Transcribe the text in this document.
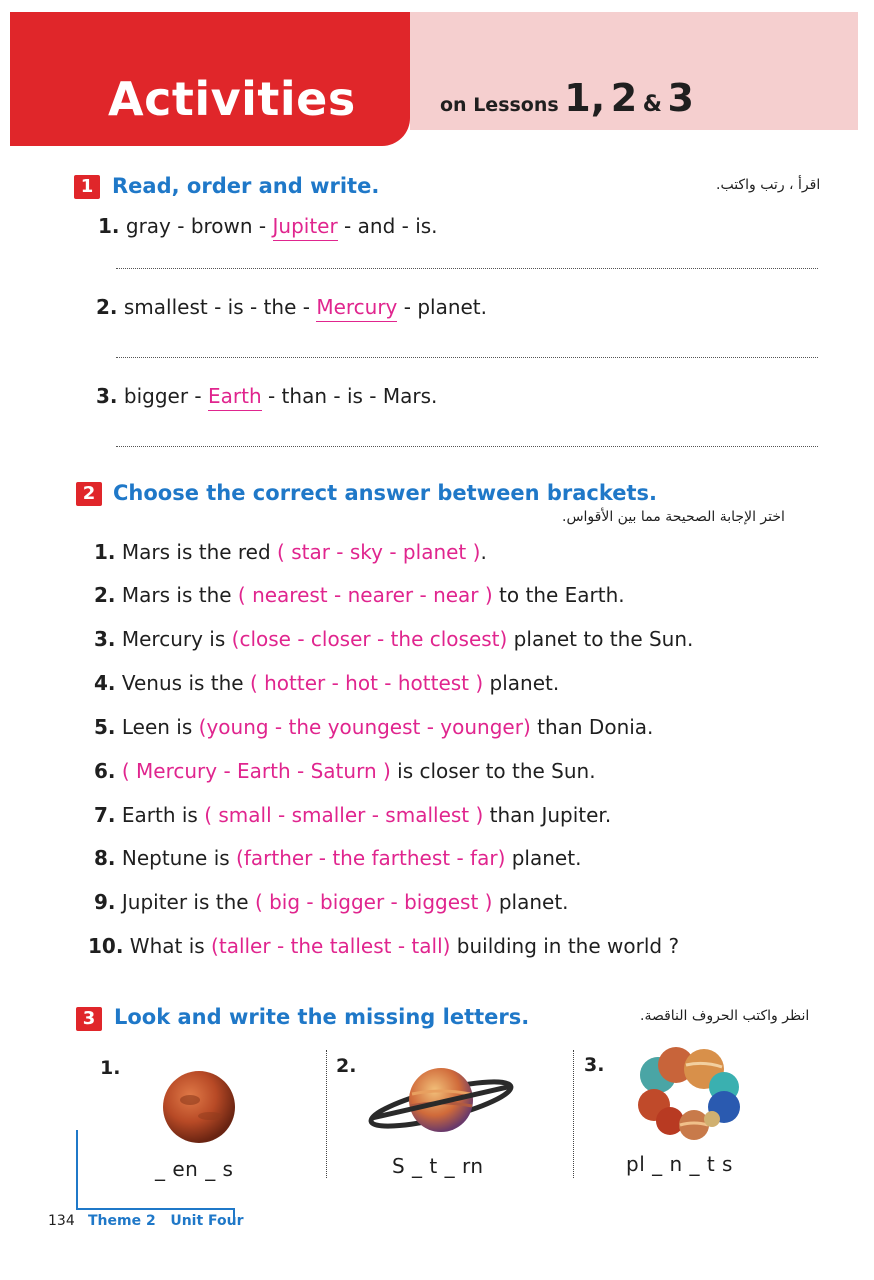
Activities	on Lessons 1, 2 & 3
1 Read, order and write.	اقرأ ، رتب واكتب.
1. gray - brown - Jupiter - and - is.
2. smallest - is - the - Mercury - planet.
3. bigger - Earth - than - is - Mars.
2 Choose the correct answer between brackets.
اختر الإجابة الصحيحة مما بين الأقواس.
1. Mars is the red ( star - sky - planet ).
2. Mars is the ( nearest - nearer - near ) to the Earth.
3. Mercury is (close - closer - the closest) planet to the Sun.
4. Venus is the ( hotter - hot - hottest ) planet.
5. Leen is (young - the youngest - younger) than Donia.
6. ( Mercury - Earth - Saturn ) is closer to the Sun.
7. Earth is ( small - smaller - smallest ) than Jupiter.
8. Neptune is (farther - the farthest - far) planet.
9. Jupiter is the ( big - bigger - biggest ) planet.
10. What is (taller - the tallest - tall) building in the world ?
3 Look and write the missing letters.	انظر واكتب الحروف الناقصة.
1.	2.	3.
_ en _ s	S _ t _ rn	pl _ n _ t s
134 Theme 2 Unit Four
